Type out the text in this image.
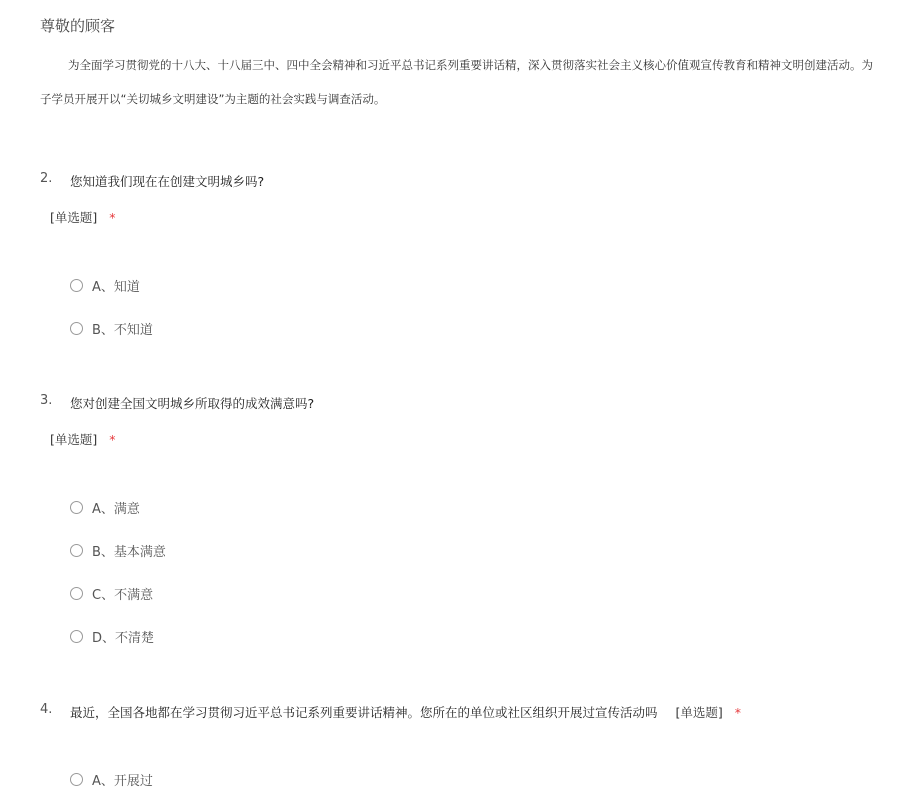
尊敬的顾客
为全面学习贯彻党的十八大、十八届三中、四中全会精神和习近平总书记系列重要讲话精，深入贯彻落实社会主义核心价值观宣传教育和精神文明创建活动。为
子学员开展开以“关切城乡文明建设”为主题的社会实践与调查活动。
2. 您知道我们现在在创建文明城乡吗?
[单选题] *
A、知道
B、不知道
3. 您对创建全国文明城乡所取得的成效满意吗?
[单选题] *
A、满意
B、基本满意
C、不满意
D、不清楚
4. 最近，全国各地都在学习贯彻习近平总书记系列重要讲话精神。您所在的单位或社区组织开展过宣传活动吗 [单选题] *
A、开展过
